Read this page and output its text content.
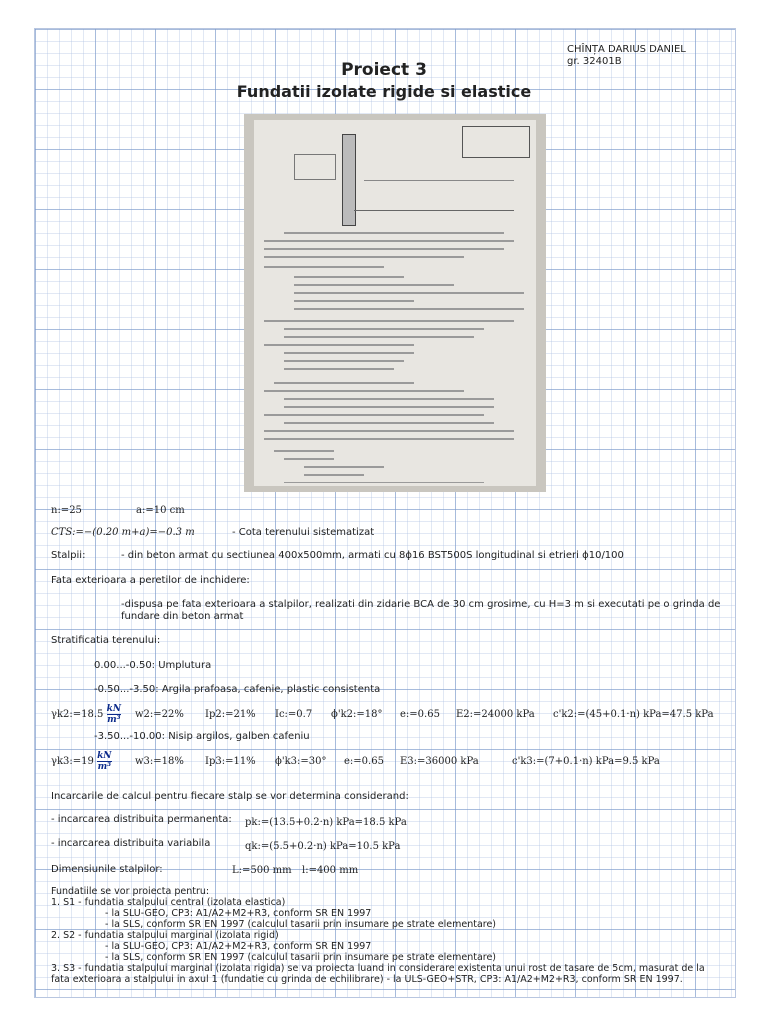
CHÎNȚA DARIUS DANIEL
gr. 32401B
Proiect 3
Fundatii izolate rigide si elastice
n:=25	a:=10 cm
CTS:=−(0.20 m+a)=−0.3 m	- Cota terenului sistematizat
Stalpii:	- din beton armat cu sectiunea 400x500mm, armati cu 8ϕ16 BST500S longitudinal si etrieri ϕ10/100
Fata exterioara a peretilor de inchidere:
-dispusa pe fata exterioara a stalpilor, realizati din zidarie BCA de 30 cm grosime, cu H=3 m si executati pe o grinda de fundare din beton armat
Stratificatia terenului:
0.00...-0.50: Umplutura
-0.50...-3.50: Argila prafoasa, cafenie, plastic consistenta
γk2:=18.5 $\frac{kN}{\text{m³}}$ w2:=22% Ip2:=21% Ic:=0.7 ϕ'k2:=18° e:=0.65 E2:=24000 kPa c'k2:=(45+0.1·n) kPa=47.5 kPa
-3.50...-10.00: Nisip argilos, galben cafeniu
γk3:=19 $\frac{kN}{\text{m³}}$ w3:=18% Ip3:=11% ϕ'k3:=30° e:=0.65 E3:=36000 kPa	c'k3:=(7+0.1·n) kPa=9.5 kPa
Incarcarile de calcul pentru fiecare stalp se vor determina considerand:
- incarcarea distribuita permanenta: pk:=(13.5+0.2·n) kPa=18.5 kPa
- incarcarea distribuita variabila	qk:=(5.5+0.2·n) kPa=10.5 kPa
Dimensiunile stalpilor:	L:=500 mm l:=400 mm
Fundatiile se vor proiecta pentru:
1. S1 - fundatia stalpului central (izolata elastica)
- la SLU-GEO, CP3: A1/A2+M2+R3, conform SR EN 1997
- la SLS, conform SR EN 1997 (calculul tasarii prin insumare pe strate elementare)
2. S2 - fundatia stalpului marginal (izolata rigid)
- la SLU-GEO, CP3: A1/A2+M2+R3, conform SR EN 1997
- la SLS, conform SR EN 1997 (calculul tasarii prin insumare pe strate elementare)
3. S3 - fundatia stalpului marginal (izolata rigida) se va proiecta luand in considerare existenta unui rost de tasare de 5cm, masurat de la fata exterioara a stalpului in axul 1 (fundatie cu grinda de echilibrare) - la ULS-GEO+STR, CP3: A1/A2+M2+R3, conform SR EN 1997.
